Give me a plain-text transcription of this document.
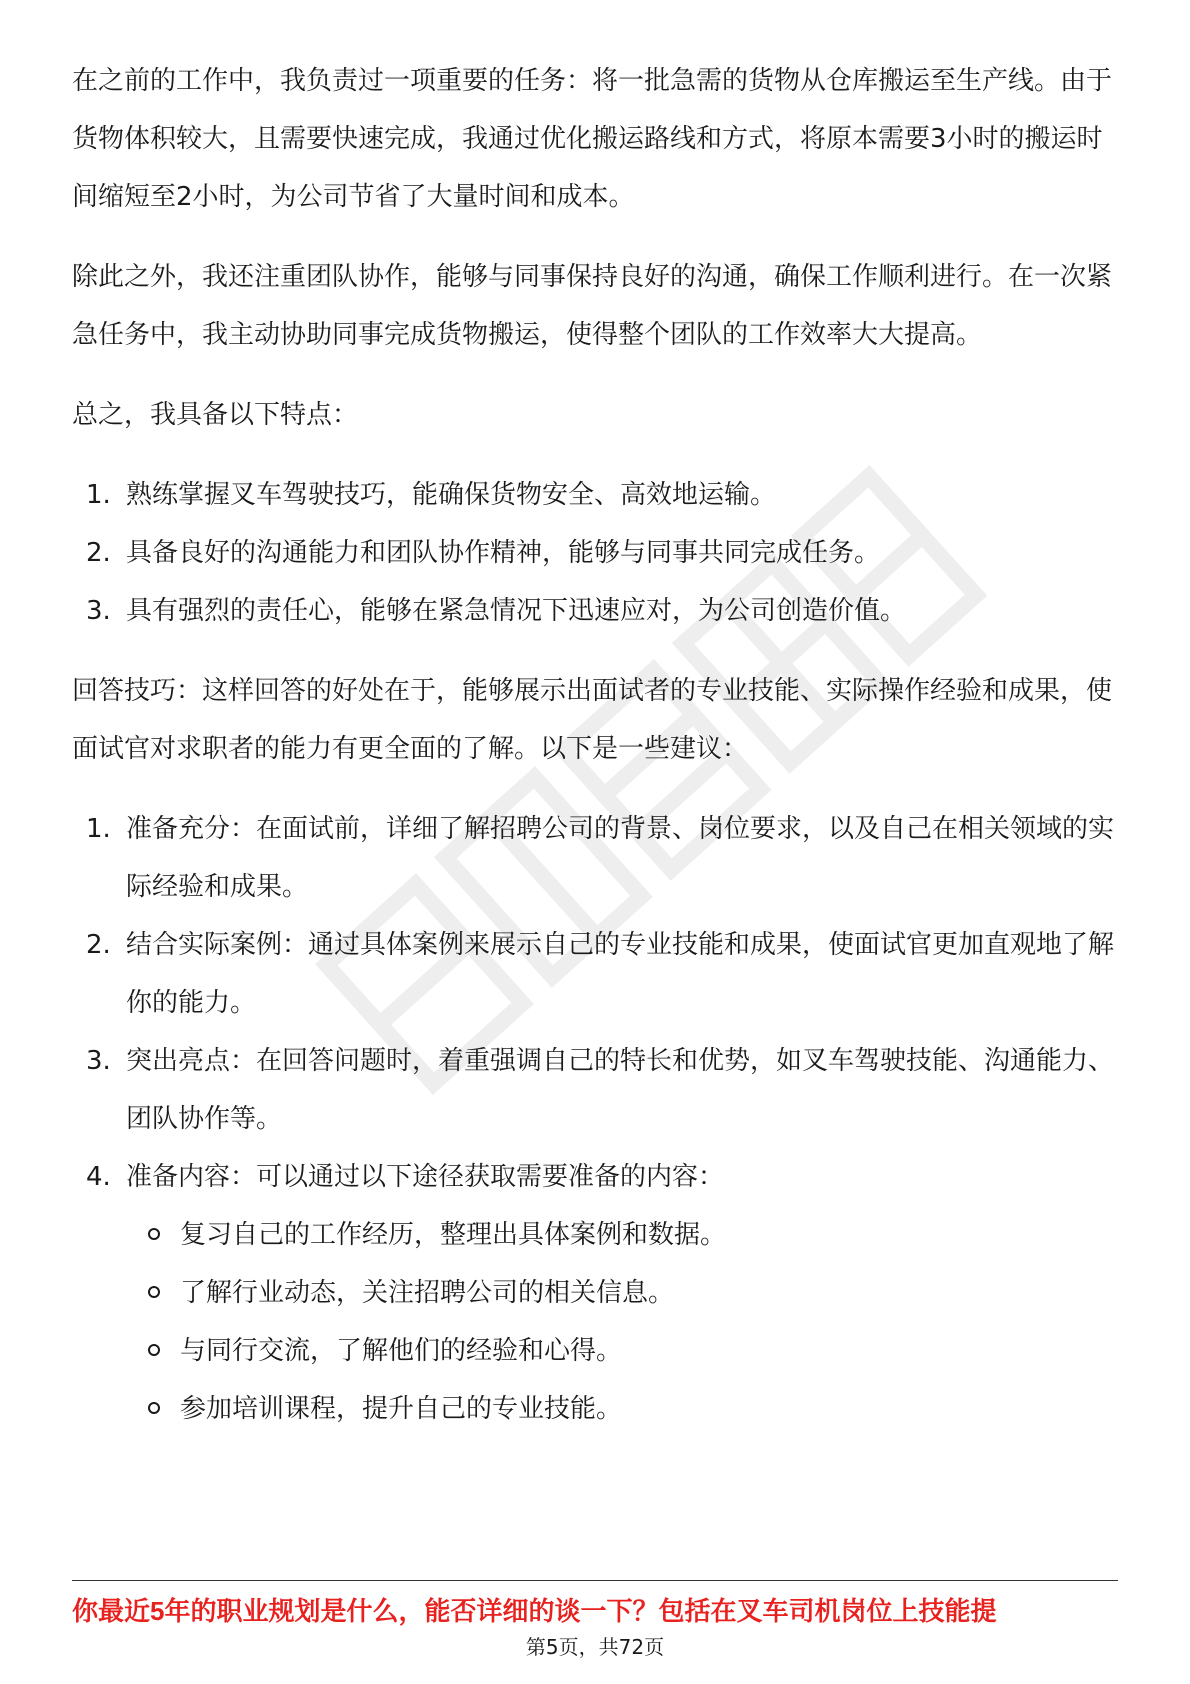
在之前的工作中，我负责过一项重要的任务：将一批急需的货物从仓库搬运至生产线。由于货物体积较大，且需要快速完成，我通过优化搬运路线和方式，将原本需要3小时的搬运时间缩短至2小时，为公司节省了大量时间和成本。

除此之外，我还注重团队协作，能够与同事保持良好的沟通，确保工作顺利进行。在一次紧急任务中，我主动协助同事完成货物搬运，使得整个团队的工作效率大大提高。

总之，我具备以下特点：

1. 熟练掌握叉车驾驶技巧，能确保货物安全、高效地运输。
2. 具备良好的沟通能力和团队协作精神，能够与同事共同完成任务。
3. 具有强烈的责任心，能够在紧急情况下迅速应对，为公司创造价值。

回答技巧：这样回答的好处在于，能够展示出面试者的专业技能、实际操作经验和成果，使面试官对求职者的能力有更全面的了解。以下是一些建议：

1. 准备充分：在面试前，详细了解招聘公司的背景、岗位要求，以及自己在相关领域的实际经验和成果。
2. 结合实际案例：通过具体案例来展示自己的专业技能和成果，使面试官更加直观地了解你的能力。
3. 突出亮点：在回答问题时，着重强调自己的特长和优势，如叉车驾驶技能、沟通能力、团队协作等。
4. 准备内容：可以通过以下途径获取需要准备的内容：
复习自己的工作经历，整理出具体案例和数据。
了解行业动态，关注招聘公司的相关信息。
与同行交流，了解他们的经验和心得。
参加培训课程，提升自己的专业技能。
你最近5年的职业规划是什么，能否详细的谈一下？包括在叉车司机岗位上技能提
第5页，共72页
